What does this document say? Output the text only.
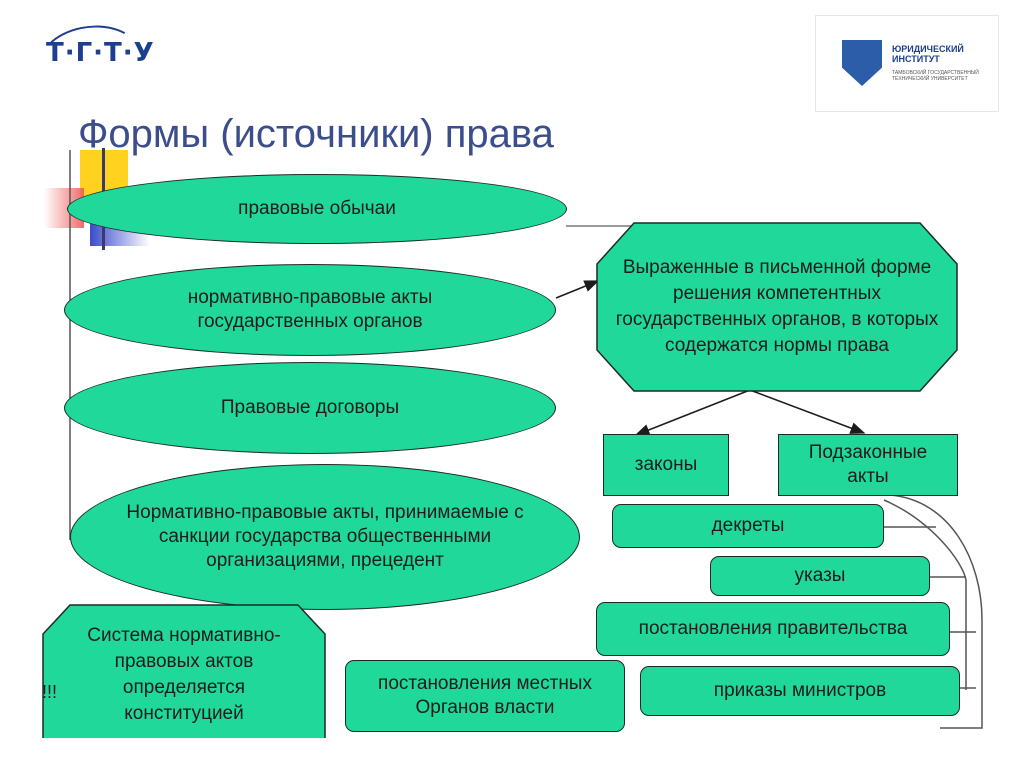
Т·Г·Т·У	ЮРИДИЧЕСКИЙ ИНСТИТУТ
ТАМБОВСКИЙ ГОСУДАРСТВЕННЫЙ ТЕХНИЧЕСКИЙ УНИВЕРСИТЕТ
Формы (источники) права
правовые обычаи
нормативно-правовые акты государственных органов
Правовые договоры
Нормативно-правовые акты, принимаемые с санкции государства общественными организациями, прецедент
Выраженные в письменной форме решения компетентных государственных органов, в которых содержатся нормы права
законы
Подзаконные акты
декреты
указы
постановления правительства
постановления местных Органов власти
приказы министров
Система нормативно-правовых актов определяется конституцией
!!!
